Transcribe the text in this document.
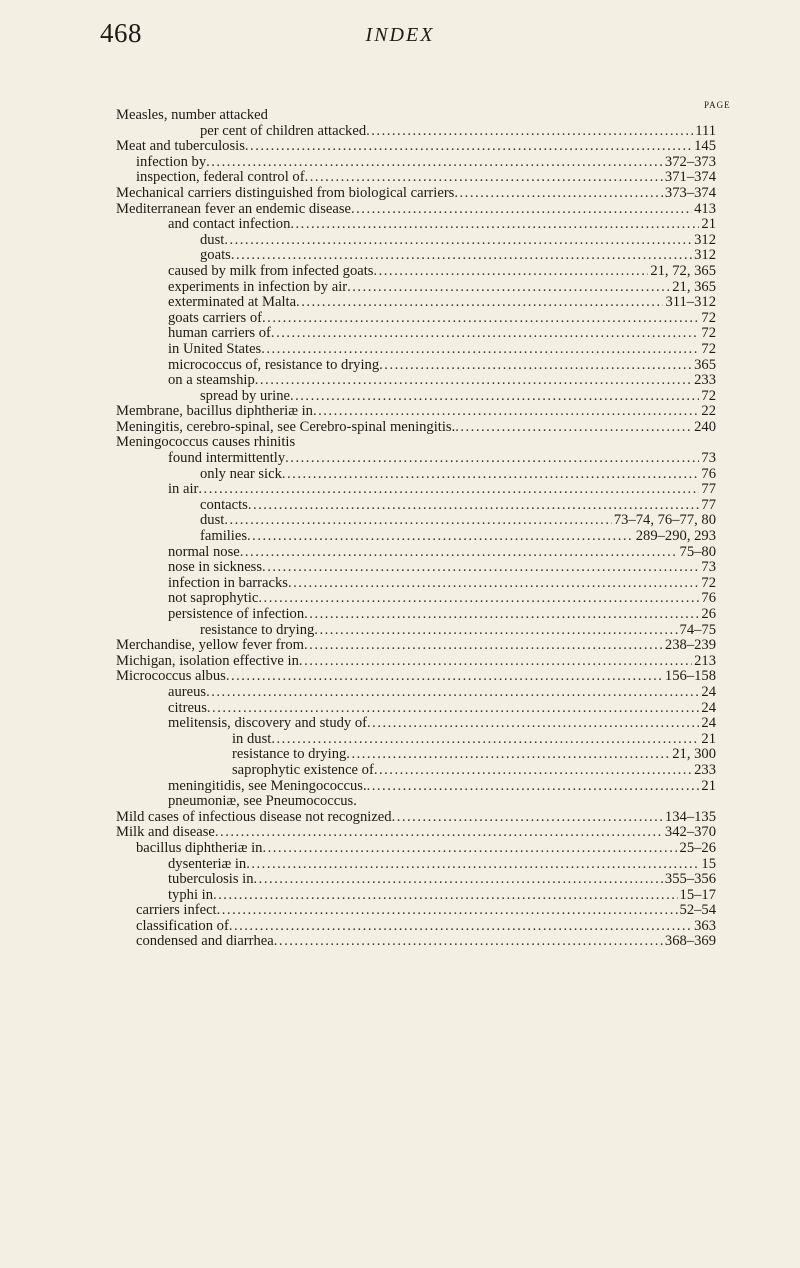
468	INDEX
PAGE
Measles, number attacked
per cent of children attacked .....	111
Meat and tuberculosis .....	145
infection by .....	372–373
inspection, federal control of .....	371–374
Mechanical carriers distinguished from biological carriers .....	373–374
Mediterranean fever an endemic disease .....	413
and contact infection .....	21
dust .....	312
goats .....	312
caused by milk from infected goats .....	21, 72, 365
experiments in infection by air .....	21, 365
exterminated at Malta .....	311–312
goats carriers of .....	72
human carriers of .....	72
in United States .....	72
micrococcus of, resistance to drying .....	365
on a steamship .....	233
spread by urine .....	72
Membrane, bacillus diphtheriæ in .....	22
Meningitis, cerebro-spinal, see Cerebro-spinal meningitis. .....	240
Meningococcus causes rhinitis
found intermittently .....	73
only near sick .....	76
in air .....	77
contacts .....	77
dust .....	73–74, 76–77, 80
families .....	289–290, 293
normal nose .....	75–80
nose in sickness .....	73
infection in barracks .....	72
not saprophytic .....	76
persistence of infection .....	26
resistance to drying .....	74–75
Merchandise, yellow fever from .....	238–239
Michigan, isolation effective in .....	213
Micrococcus albus .....	156–158
aureus .....	24
citreus .....	24
melitensis, discovery and study of .....	24
in dust .....	21
resistance to drying .....	21, 300
saprophytic existence of .....	233
meningitidis, see Meningococcus. .....	21
pneumoniæ, see Pneumococcus.
Mild cases of infectious disease not recognized .....	134–135
Milk and disease .....	342–370
bacillus diphtheriæ in .....	25–26
dysenteriæ in .....	15
tuberculosis in .....	355–356
typhi in .....	15–17
carriers infect .....	52–54
classification of .....	363
condensed and diarrhea .....	368–369
